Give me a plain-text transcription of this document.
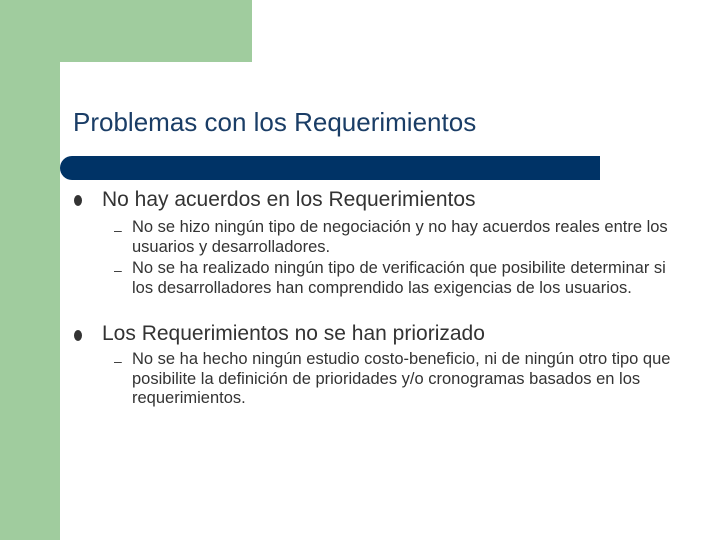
Problemas con los Requerimientos
No hay acuerdos en los Requerimientos
– No se hizo ningún tipo de negociación y no hay acuerdos reales entre los usuarios y desarrolladores.
– No se ha realizado ningún tipo de verificación que posibilite determinar si los desarrolladores han comprendido las exigencias de los usuarios.
Los Requerimientos no se han priorizado
– No se ha hecho ningún estudio costo-beneficio, ni de ningún otro tipo que posibilite la definición de prioridades y/o cronogramas basados en los requerimientos.
